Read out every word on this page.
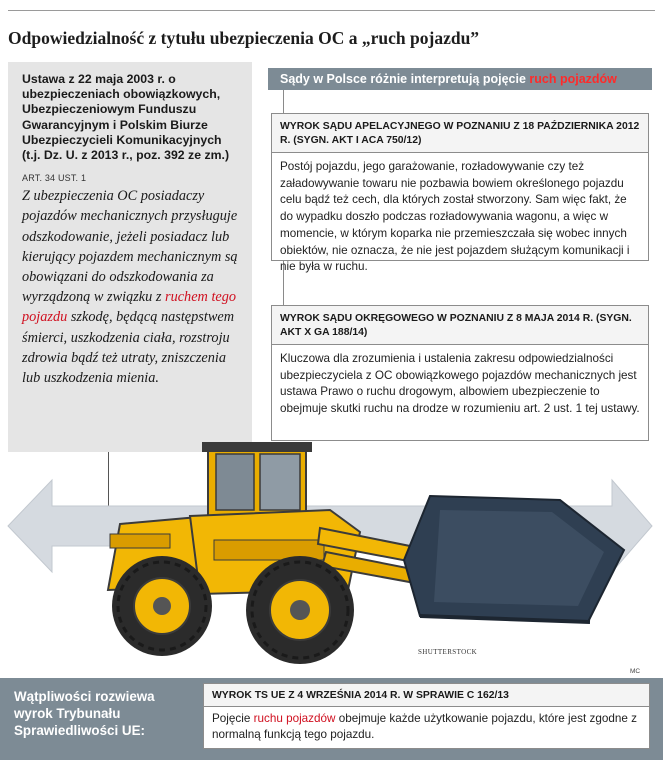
Odpowiedzialność z tytułu ubezpieczenia OC a „ruch pojazdu”
Ustawa z 22 maja 2003 r. o ubezpieczeniach obowiązkowych, Ubezpieczeniowym Funduszu Gwarancyjnym i Polskim Biurze Ubezpieczycieli Komunikacyjnych (t.j. Dz. U. z 2013 r., poz. 392 ze zm.)
ART. 34 UST. 1
Z ubezpieczenia OC posiadaczy pojazdów mechanicznych przysługuje odszkodowanie, jeżeli posiadacz lub kierujący pojazdem mechanicznym są obowiązani do odszkodowania za wyrządzoną w związku z ruchem tego pojazdu szkodę, będącą następstwem śmierci, uszkodzenia ciała, rozstroju zdrowia bądź też utraty, zniszczenia lub uszkodzenia mienia.
Sądy w Polsce różnie interpretują pojęcie ruch pojazdów
WYROK SĄDU APELACYJNEGO W POZNANIU Z 18 PAŹDZIERNIKA 2012 R. (SYGN. AKT I ACA 750/12)
Postój pojazdu, jego garażowanie, rozładowywanie czy też załadowywanie towaru nie pozbawia bowiem określonego pojazdu celu bądź też cech, dla których został stworzony. Sam więc fakt, że do wypadku doszło podczas rozładowywania wagonu, a więc w momencie, w którym koparka nie przemieszczała się wobec innych obiektów, nie oznacza, że nie jest pojazdem służącym komunikacji i nie była w ruchu.
WYROK SĄDU OKRĘGOWEGO W POZNANIU Z 8 MAJA 2014 R. (SYGN. AKT X GA 188/14)
Kluczowa dla zrozumienia i ustalenia zakresu odpowiedzialności ubezpieczyciela z OC obowiązkowego pojazdów mechanicznych jest ustawa Prawo o ruchu drogowym, albowiem ubezpieczenie to obejmuje skutki ruchu na drodze w rozumieniu art. 2 ust. 1 tej ustawy.
SHUTTERSTOCK
MC
Wątpliwości rozwiewa wyrok Trybunału Sprawiedliwości UE:
WYROK TS UE Z 4 WRZEŚNIA 2014 R. W SPRAWIE C 162/13
Pojęcie ruchu pojazdów obejmuje każde użytkowanie pojazdu, które jest zgodne z normalną funkcją tego pojazdu.
